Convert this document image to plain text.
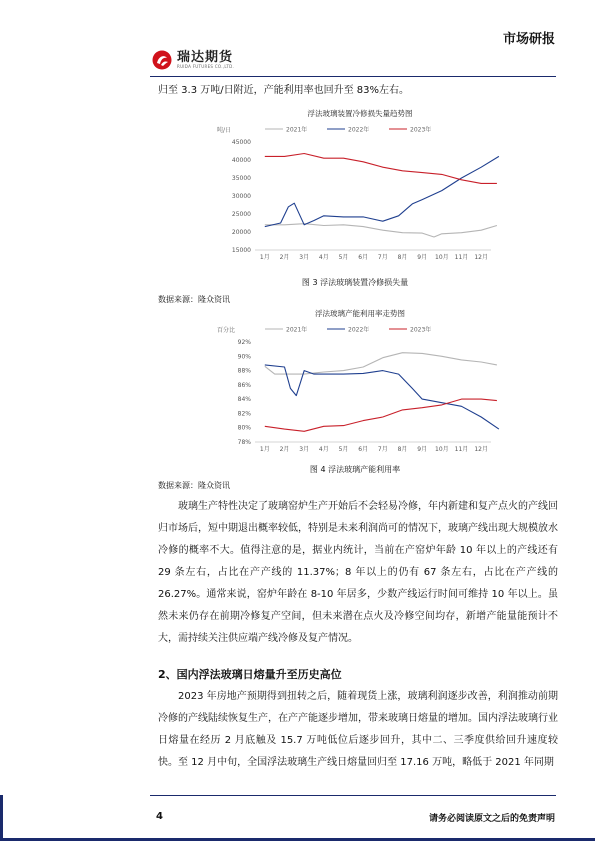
市场研报
瑞达期货
RUIDA FUTURES CO.,LTD.
归至 3.3 万吨/日附近，产能利用率也回升至 83%左右。
浮法玻璃装置冷修损失量趋势图
吨/日	2021年	2022年	2023年
15000
20000
25000
30000
35000
40000
45000
1月 2月 3月 4月 5月 6月 7月 8月 9月 10月 11月 12月
图 3 浮法玻璃装置冷修损失量
数据来源：隆众资讯
浮法玻璃产能利用率走势图
百分比	2021年	2022年	2023年
78%
80%
82%
84%
86%
88%
90%
92%
1月 2月 3月 4月 5月 6月 7月 8月 9月 10月 11月 12月
图 4 浮法玻璃产能利用率
数据来源：隆众资讯
玻璃生产特性决定了玻璃窑炉生产开始后不会轻易冷修，年内新建和复产点火的产线回归市场后，短中期退出概率较低，特别是未来利润尚可的情况下，玻璃产线出现大规模放水冷修的概率不大。值得注意的是，据业内统计，当前在产窑炉年龄 10 年以上的产线还有 29 条左右，占比在产产线的 11.37%；8 年以上的仍有 67 条左右，占比在产产线的26.27%。通常来说，窑炉年龄在 8-10 年居多，少数产线运行时间可维持 10 年以上。虽然未来仍存在前期冷修复产空间，但未来潜在点火及冷修空间均存，新增产能量能预计不大，需持续关注供应端产线冷修及复产情况。
2、国内浮法玻璃日熔量升至历史高位
2023 年房地产预期得到扭转之后，随着现货上涨，玻璃利润逐步改善，利润推动前期冷修的产线陆续恢复生产，在产产能逐步增加，带来玻璃日熔量的增加。国内浮法玻璃行业日熔量在经历 2 月底触及 15.7 万吨低位后逐步回升，其中二、三季度供给回升速度较快。至 12 月中旬，全国浮法玻璃生产线日熔量回归至 17.16 万吨，略低于 2021 年同期
4	请务必阅读原文之后的免责声明
